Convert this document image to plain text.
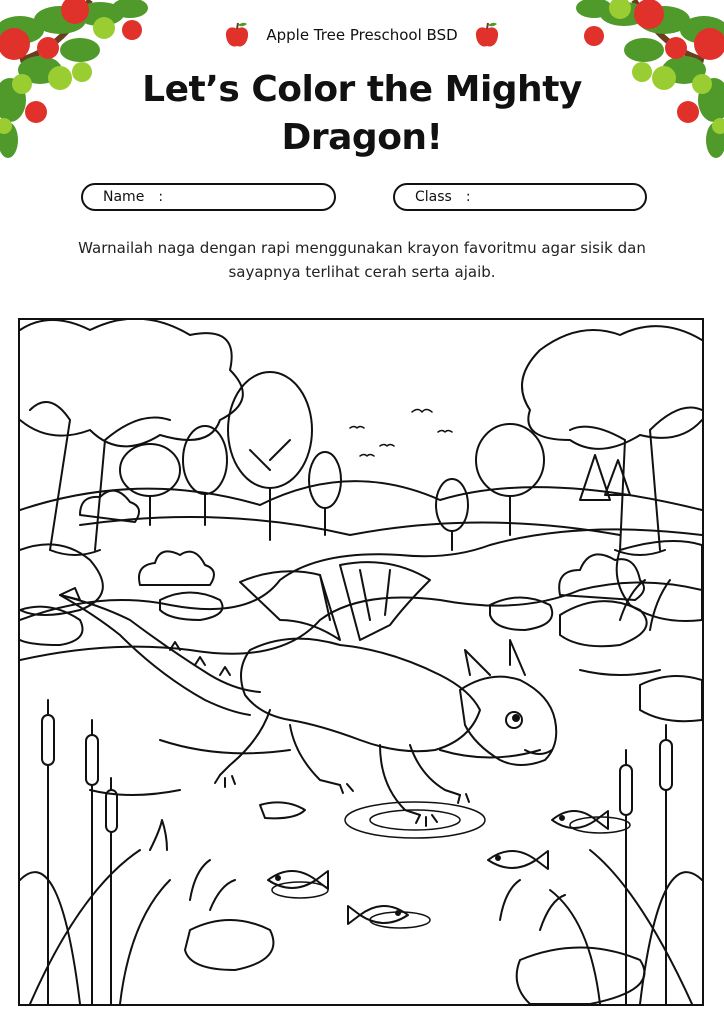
Apple Tree Preschool BSD
Let’s Color the Mighty
Dragon!
Name :	Class :
Warnailah naga dengan rapi menggunakan krayon favoritmu agar sisik dan sayapnya terlihat cerah serta ajaib.
